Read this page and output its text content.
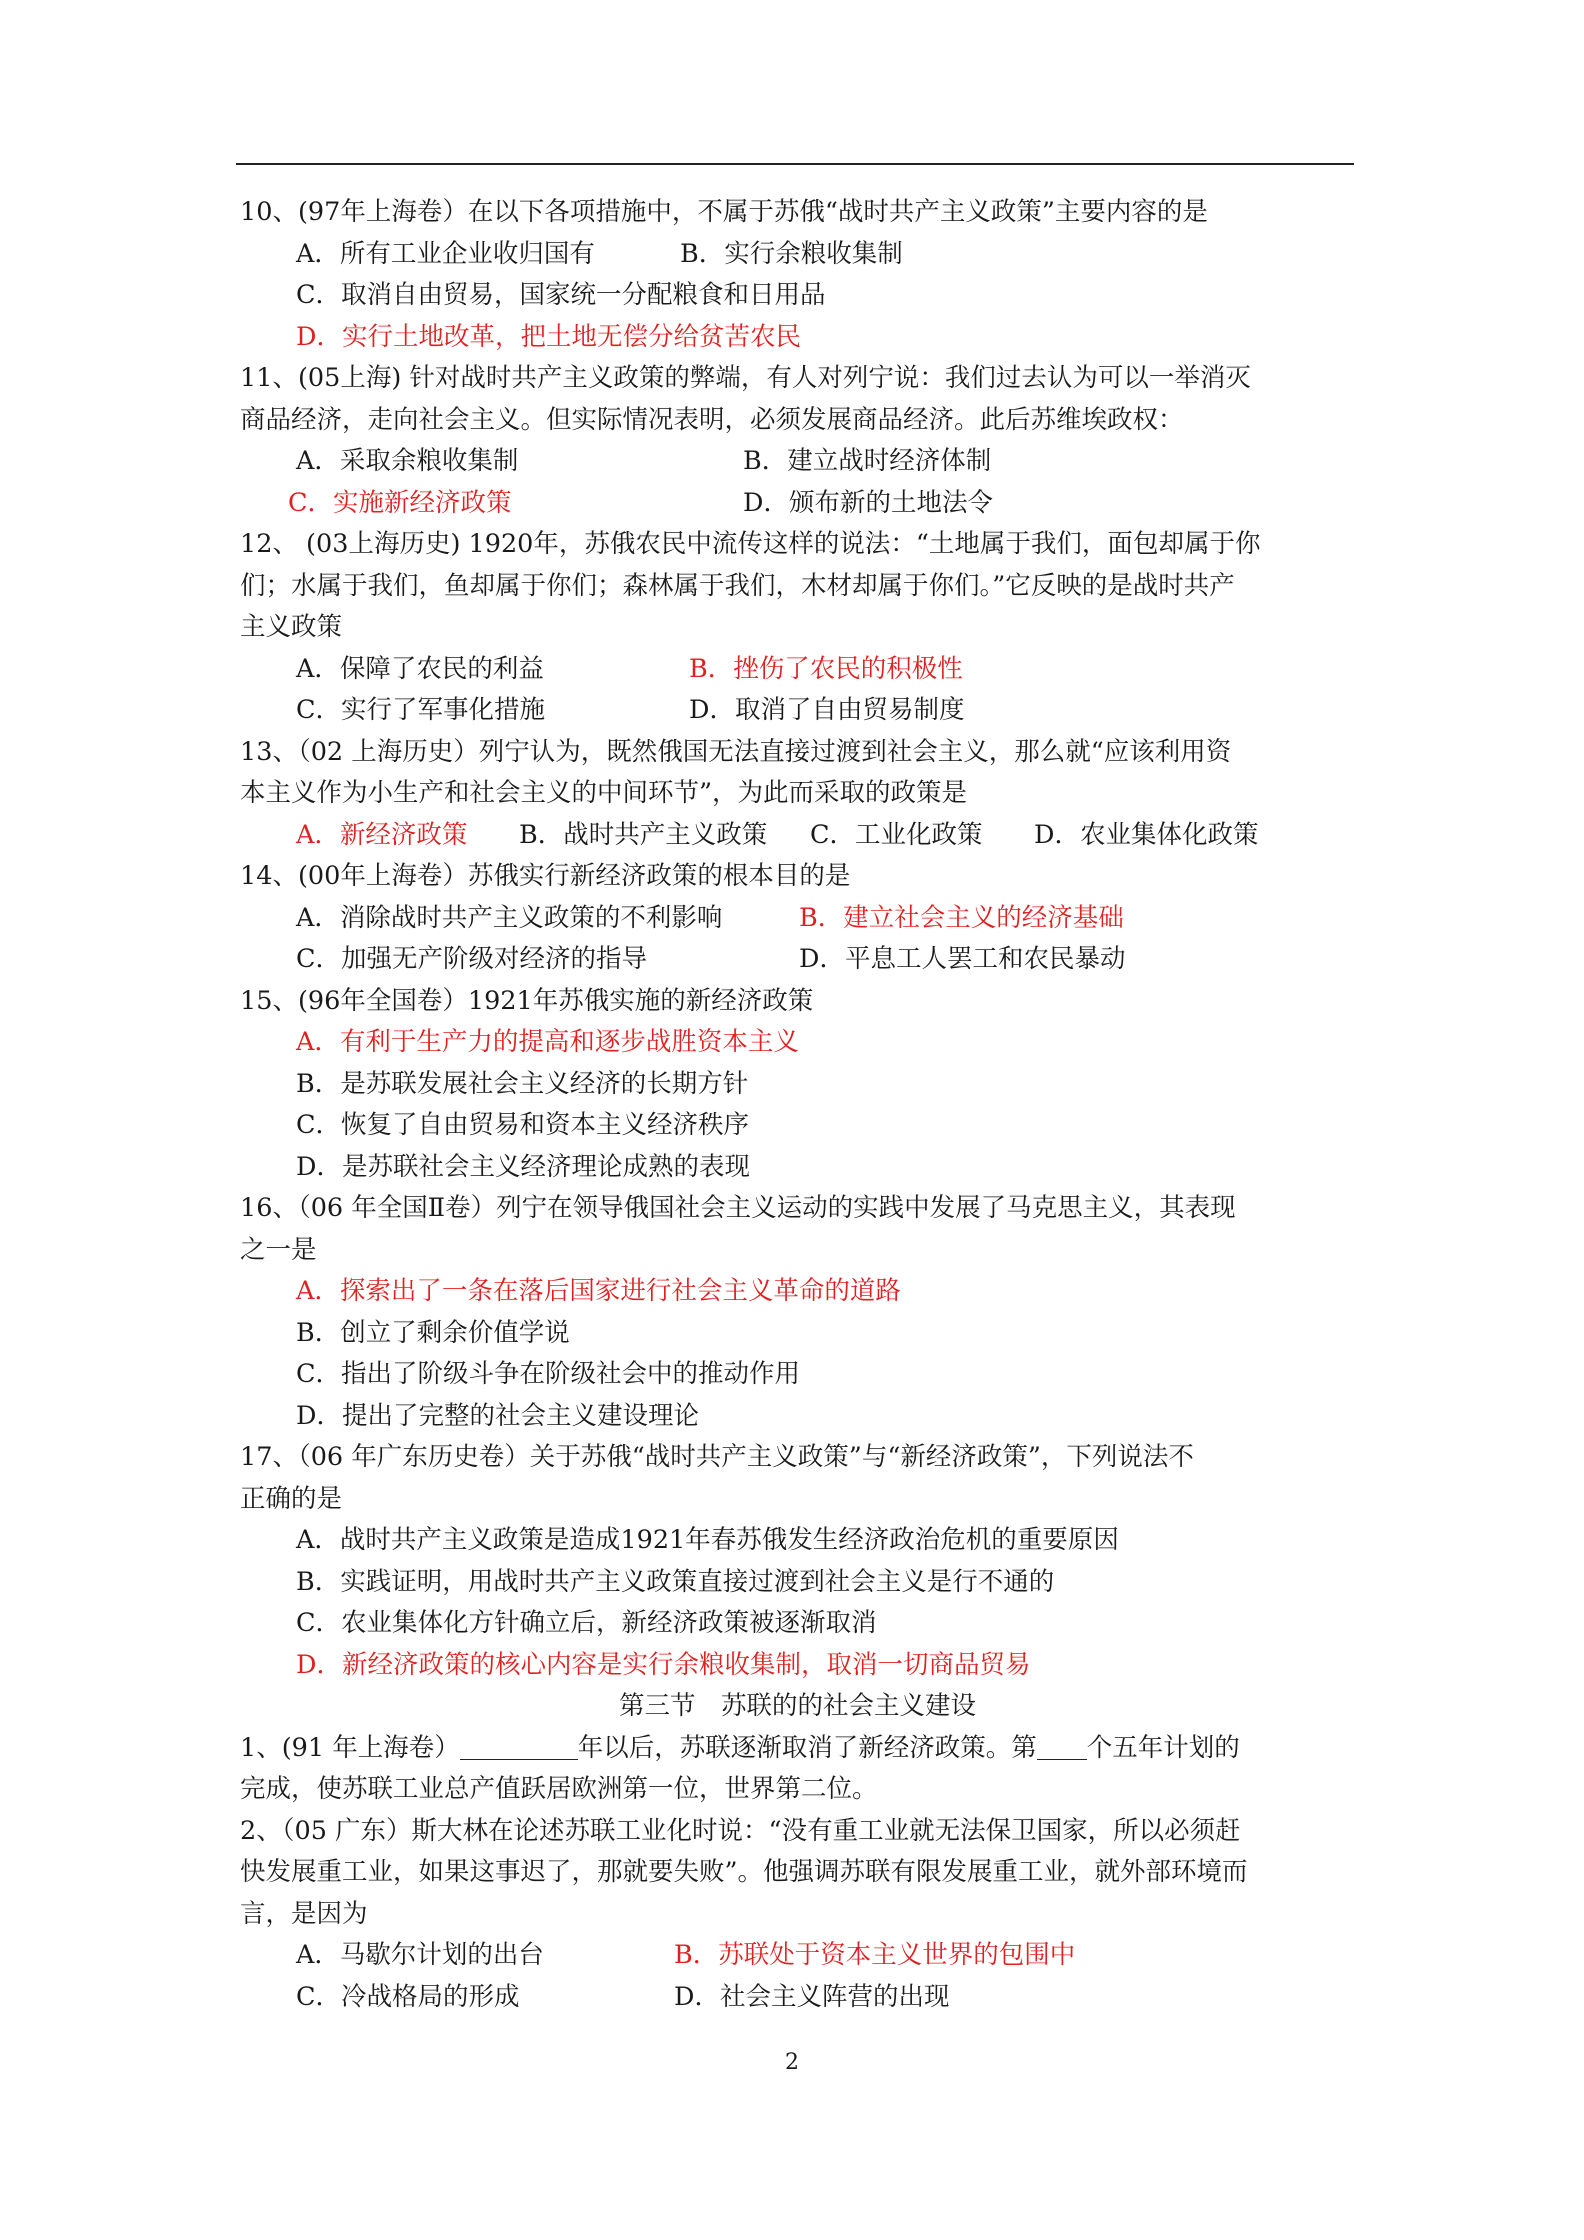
10、(97年上海卷）在以下各项措施中，不属于苏俄“战时共产主义政策”主要内容的是
A．所有工业企业收归国有	B．实行余粮收集制
C．取消自由贸易，国家统一分配粮食和日用品
D．实行土地改革，把土地无偿分给贫苦农民
11、(05上海) 针对战时共产主义政策的弊端，有人对列宁说：我们过去认为可以一举消灭
商品经济，走向社会主义。但实际情况表明，必须发展商品经济。此后苏维埃政权：
A．采取余粮收集制	B．建立战时经济体制
C．实施新经济政策	D．颁布新的土地法令
12、 (03上海历史) 1920年，苏俄农民中流传这样的说法：“土地属于我们，面包却属于你
们；水属于我们，鱼却属于你们；森林属于我们，木材却属于你们。”它反映的是战时共产
主义政策
A．保障了农民的利益	B．挫伤了农民的积极性
C．实行了军事化措施	D．取消了自由贸易制度
13、（02 上海历史）列宁认为，既然俄国无法直接过渡到社会主义，那么就“应该利用资
本主义作为小生产和社会主义的中间环节”，为此而采取的政策是
A．新经济政策 B．战时共产主义政策 C．工业化政策 D．农业集体化政策
14、(00年上海卷）苏俄实行新经济政策的根本目的是
A．消除战时共产主义政策的不利影响	B．建立社会主义的经济基础
C．加强无产阶级对经济的指导	D．平息工人罢工和农民暴动
15、(96年全国卷）1921年苏俄实施的新经济政策
A．有利于生产力的提高和逐步战胜资本主义
B．是苏联发展社会主义经济的长期方针
C．恢复了自由贸易和资本主义经济秩序
D．是苏联社会主义经济理论成熟的表现
16、（06 年全国Ⅱ卷）列宁在领导俄国社会主义运动的实践中发展了马克思主义，其表现
之一是
A．探索出了一条在落后国家进行社会主义革命的道路
B．创立了剩余价值学说
C．指出了阶级斗争在阶级社会中的推动作用
D．提出了完整的社会主义建设理论
17、（06 年广东历史卷）关于苏俄“战时共产主义政策”与“新经济政策”，下列说法不
正确的是
A．战时共产主义政策是造成1921年春苏俄发生经济政治危机的重要原因
B．实践证明，用战时共产主义政策直接过渡到社会主义是行不通的
C．农业集体化方针确立后，新经济政策被逐渐取消
D．新经济政策的核心内容是实行余粮收集制，取消一切商品贸易
第三节　苏联的的社会主义建设
1、(91 年上海卷）	年以后，苏联逐渐取消了新经济政策。第 个五年计划的
完成，使苏联工业总产值跃居欧洲第一位，世界第二位。
2、（05 广东）斯大林在论述苏联工业化时说：“没有重工业就无法保卫国家，所以必须赶
快发展重工业，如果这事迟了，那就要失败”。他强调苏联有限发展重工业，就外部环境而
言，是因为
A．马歇尔计划的出台	B．苏联处于资本主义世界的包围中
C．冷战格局的形成	D．社会主义阵营的出现
2
